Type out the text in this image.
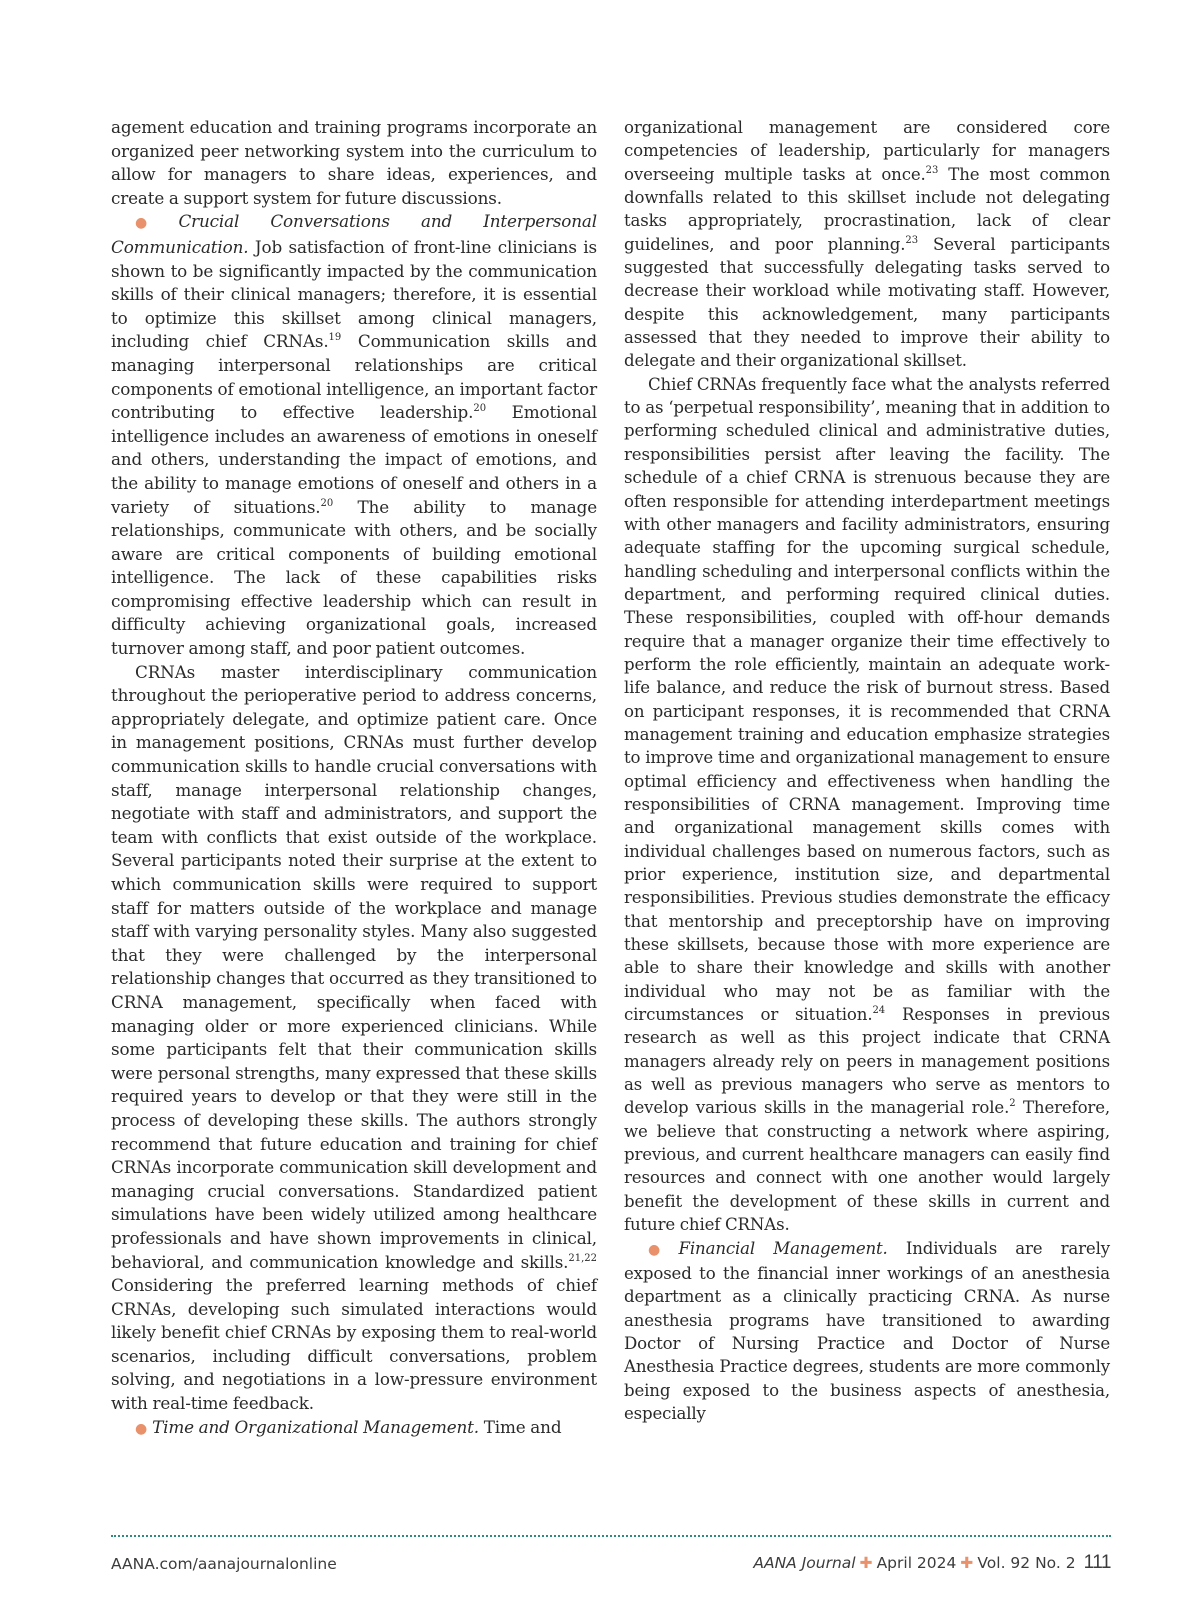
agement education and training programs incorporate an organized peer networking system into the curriculum to allow for managers to share ideas, experiences, and create a support system for future discussions.

● Crucial Conversations and Interpersonal Communication. Job satisfaction of front-line clinicians is shown to be significantly impacted by the communication skills of their clinical managers; therefore, it is essential to optimize this skillset among clinical managers, including chief CRNAs.$^{19}$ Communication skills and managing interpersonal relationships are critical components of emotional intelligence, an important factor contributing to effective leadership.$^{20}$ Emotional intelligence includes an awareness of emotions in oneself and others, understanding the impact of emotions, and the ability to manage emotions of oneself and others in a variety of situations.$^{20}$ The ability to manage relationships, communicate with others, and be socially aware are critical components of building emotional intelligence. The lack of these capabilities risks compromising effective leadership which can result in difficulty achieving organizational goals, increased turnover among staff, and poor patient outcomes.

CRNAs master interdisciplinary communication throughout the perioperative period to address concerns, appropriately delegate, and optimize patient care. Once in management positions, CRNAs must further develop communication skills to handle crucial conversations with staff, manage interpersonal relationship changes, negotiate with staff and administrators, and support the team with conflicts that exist outside of the workplace. Several participants noted their surprise at the extent to which communication skills were required to support staff for matters outside of the workplace and manage staff with varying personality styles. Many also suggested that they were challenged by the interpersonal relationship changes that occurred as they transitioned to CRNA management, specifically when faced with managing older or more experienced clinicians. While some participants felt that their communication skills were personal strengths, many expressed that these skills required years to develop or that they were still in the process of developing these skills. The authors strongly recommend that future education and training for chief CRNAs incorporate communication skill development and managing crucial conversations. Standardized patient simulations have been widely utilized among healthcare professionals and have shown improvements in clinical, behavioral, and communication knowledge and skills.$^{21,22}$ Considering the preferred learning methods of chief CRNAs, developing such simulated interactions would likely benefit chief CRNAs by exposing them to real-world scenarios, including difficult conversations, problem solving, and negotiations in a low-pressure environment with real-time feedback.

● Time and Organizational Management. Time and

organizational management are considered core competencies of leadership, particularly for managers overseeing multiple tasks at once.$^{23}$ The most common downfalls related to this skillset include not delegating tasks appropriately, procrastination, lack of clear guidelines, and poor planning.$^{23}$ Several participants suggested that successfully delegating tasks served to decrease their workload while motivating staff. However, despite this acknowledgement, many participants assessed that they needed to improve their ability to delegate and their organizational skillset.

Chief CRNAs frequently face what the analysts referred to as ‘perpetual responsibility’, meaning that in addition to performing scheduled clinical and administrative duties, responsibilities persist after leaving the facility. The schedule of a chief CRNA is strenuous because they are often responsible for attending interdepartment meetings with other managers and facility administrators, ensuring adequate staffing for the upcoming surgical schedule, handling scheduling and interpersonal conflicts within the department, and performing required clinical duties. These responsibilities, coupled with off-hour demands require that a manager organize their time effectively to perform the role efficiently, maintain an adequate work-life balance, and reduce the risk of burnout stress. Based on participant responses, it is recommended that CRNA management training and education emphasize strategies to improve time and organizational management to ensure optimal efficiency and effectiveness when handling the responsibilities of CRNA management. Improving time and organizational management skills comes with individual challenges based on numerous factors, such as prior experience, institution size, and departmental responsibilities. Previous studies demonstrate the efficacy that mentorship and preceptorship have on improving these skillsets, because those with more experience are able to share their knowledge and skills with another individual who may not be as familiar with the circumstances or situation.$^{24}$ Responses in previous research as well as this project indicate that CRNA managers already rely on peers in management positions as well as previous managers who serve as mentors to develop various skills in the managerial role.$^2$ Therefore, we believe that constructing a network where aspiring, previous, and current healthcare managers can easily find resources and connect with one another would largely benefit the development of these skills in current and future chief CRNAs.

● Financial Management. Individuals are rarely exposed to the financial inner workings of an anesthesia department as a clinically practicing CRNA. As nurse anesthesia programs have transitioned to awarding Doctor of Nursing Practice and Doctor of Nurse Anesthesia Practice degrees, students are more commonly being exposed to the business aspects of anesthesia, especially

AANA.com/aanajournalonline	AANA Journal ✚ April 2024 ✚ Vol. 92 No. 2 111
